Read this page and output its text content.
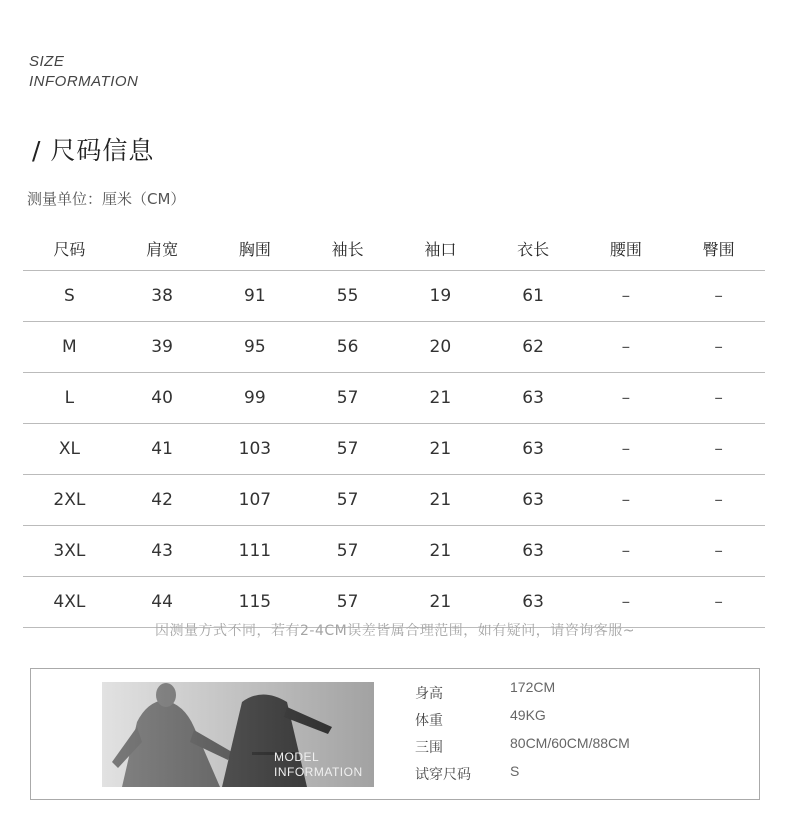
SIZE
INFORMATION
/ 尺码信息
测量单位：厘米（CM）
尺码	肩宽	胸围	袖长	袖口	衣长	腰围	臀围
S	38	91	55	19	61	–	–
M	39	95	56	20	62	–	–
L	40	99	57	21	63	–	–
XL	41	103	57	21	63	–	–
2XL	42	107	57	21	63	–	–
3XL	43	111	57	21	63	–	–
4XL	44	115	57	21	63	–	–
因测量方式不同，若有2-4CM误差皆属合理范围，如有疑问，请咨询客服~
MODEL
INFORMATION
身高	172CM
体重	49KG
三围	80CM/60CM/88CM
试穿尺码	S
